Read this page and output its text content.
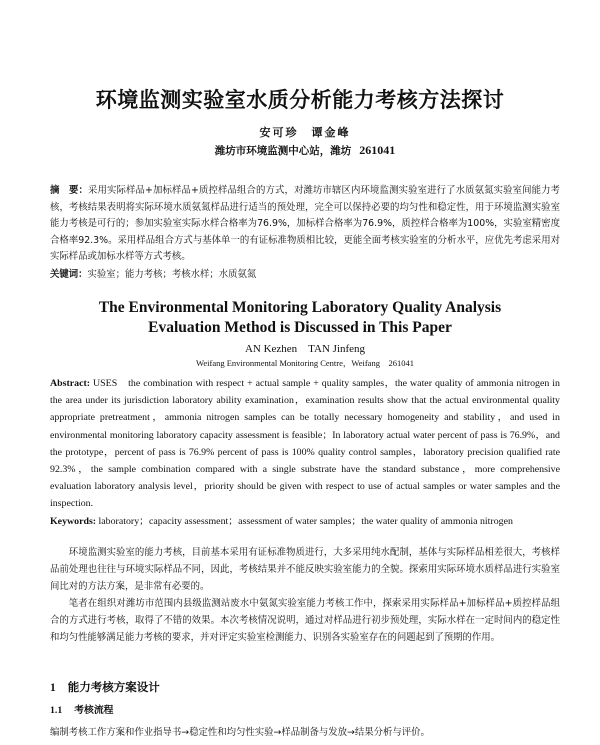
环境监测实验室水质分析能力考核方法探讨
安可珍　谭金峰
潍坊市环境监测中心站，潍坊 261041
摘　要：采用实际样品+加标样品+质控样品组合的方式，对潍坊市辖区内环境监测实验室进行了水质氨氮实验室间能力考核，考核结果表明将实际环境水质氨氮样品进行适当的预处理，完全可以保持必要的均匀性和稳定性，用于环境监测实验室能力考核是可行的；参加实验室实际水样合格率为76.9%，加标样合格率为76.9%，质控样合格率为100%，实验室精密度合格率92.3%。采用样品组合方式与基体单一的有证标准物质相比较，更能全面考核实验室的分析水平，应优先考虑采用对实际样品或加标水样等方式考核。
关键词：实验室；能力考核；考核水样；水质氨氮
The Environmental Monitoring Laboratory Quality Analysis
Evaluation Method is Discussed in This Paper
AN Kezhen　TAN Jinfeng
Weifang Environmental Monitoring Centre，Weifang　261041
Abstract: USES　the combination with respect + actual sample + quality samples，the water quality of ammonia nitrogen in the area under its jurisdiction laboratory ability examination，examination results show that the actual environmental quality appropriate pretreatment，ammonia nitrogen samples can be totally necessary homogeneity and stability，and used in environmental monitoring laboratory capacity assessment is feasible；In laboratory actual water percent of pass is 76.9%，and the prototype，percent of pass is 76.9% percent of pass is 100% quality control samples，laboratory precision qualified rate 92.3%，the sample combination compared with a single substrate have the standard substance，more comprehensive evaluation laboratory analysis level，priority should be given with respect to use of actual samples or water samples and the inspection.
Keywords: laboratory；capacity assessment；assessment of water samples；the water quality of ammonia nitrogen

环境监测实验室的能力考核，目前基本采用有证标准物质进行，大多采用纯水配制，基体与实际样品相差很大，考核样品前处理也往往与环境实际样品不同，因此，考核结果并不能反映实验室能力的全貌。探索用实际环境水质样品进行实验室间比对的方法方案，是非常有必要的。

笔者在组织对潍坊市范围内县级监测站废水中氨氮实验室能力考核工作中，探索采用实际样品+加标样品+质控样品组合的方式进行考核，取得了不错的效果。本次考核情况说明，通过对样品进行初步预处理，实际水样在一定时间内的稳定性和均匀性能够满足能力考核的要求，并对评定实验室检测能力、识别各实验室存在的问题起到了预期的作用。

1 能力考核方案设计
1.1 考核流程
编制考核工作方案和作业指导书→稳定性和均匀性实验→样品制备与发放→结果分析与评价。
